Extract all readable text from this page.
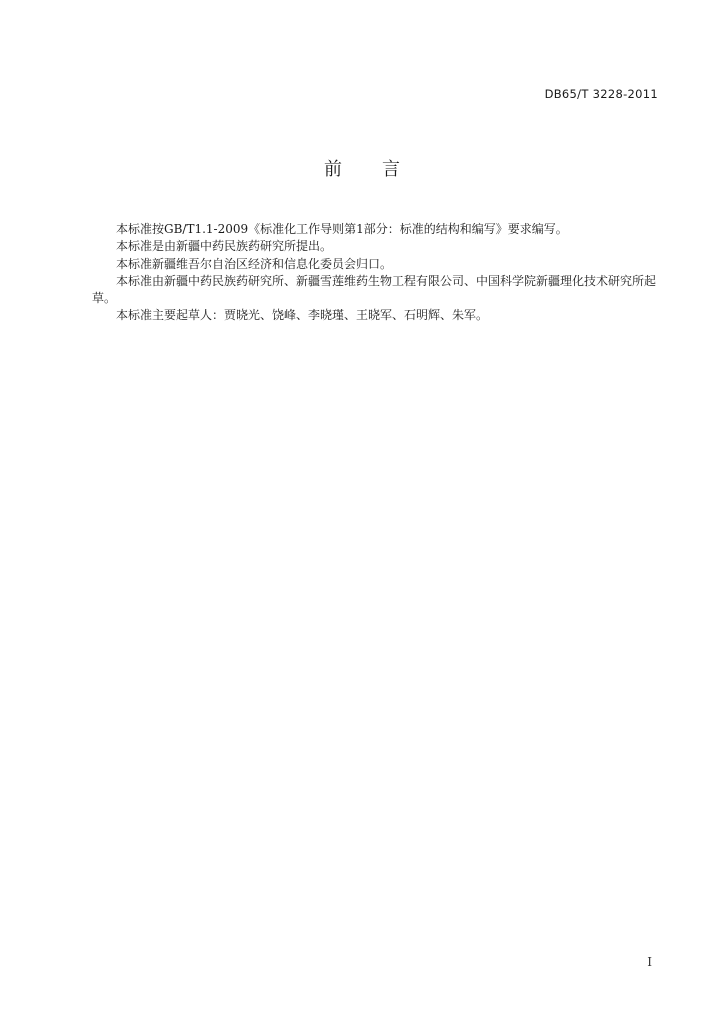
DB65/T 3228-2011
前 言

本标准按GB/T1.1-2009《标准化工作导则第1部分：标准的结构和编写》要求编写。

本标准是由新疆中药民族药研究所提出。

本标准新疆维吾尔自治区经济和信息化委员会归口。

本标准由新疆中药民族药研究所、新疆雪莲维药生物工程有限公司、中国科学院新疆理化技术研究所起草。

本标准主要起草人：贾晓光、饶峰、李晓瑾、王晓军、石明辉、朱军。

I
